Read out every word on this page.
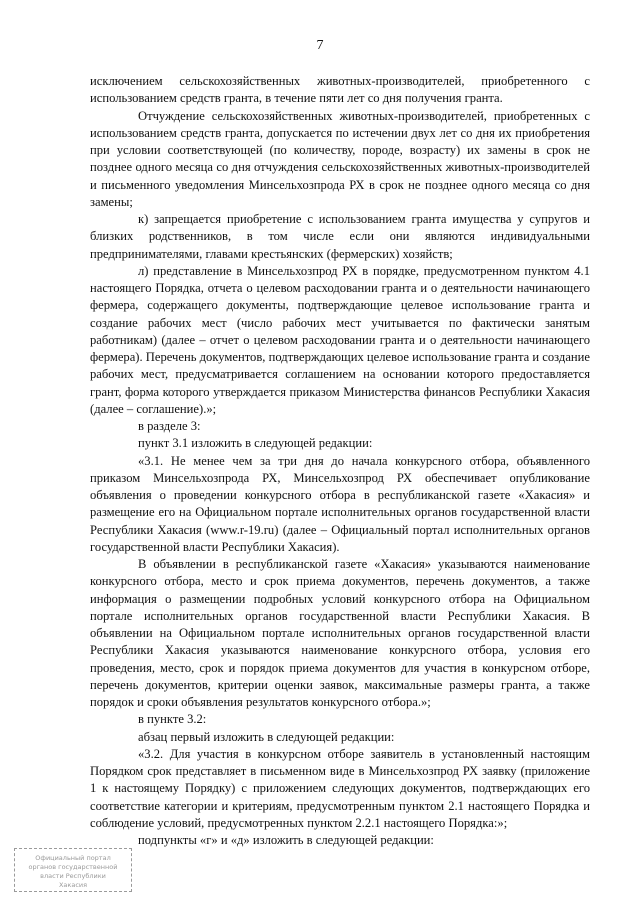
7

исключением сельскохозяйственных животных-производителей, приобретенного с использованием средств гранта, в течение пяти лет со дня получения гранта.

Отчуждение сельскохозяйственных животных-производителей, приобретенных с использованием средств гранта, допускается по истечении двух лет со дня их приобретения при условии соответствующей (по количеству, породе, возрасту) их замены в срок не позднее одного месяца со дня отчуждения сельскохозяйственных животных-производителей и письменного уведомления Минсельхозпрода РХ в срок не позднее одного месяца со дня замены;

к) запрещается приобретение с использованием гранта имущества у супругов и близких родственников, в том числе если они являются индивидуальными предпринимателями, главами крестьянских (фермерских) хозяйств;

л) представление в Минсельхозпрод РХ в порядке, предусмотренном пунктом 4.1 настоящего Порядка, отчета о целевом расходовании гранта и о деятельности начинающего фермера, содержащего документы, подтверждающие целевое использование гранта и создание рабочих мест (число рабочих мест учитывается по фактически занятым работникам) (далее – отчет о целевом расходовании гранта и о деятельности начинающего фермера). Перечень документов, подтверждающих целевое использование гранта и создание рабочих мест, предусматривается соглашением на основании которого предоставляется грант, форма которого утверждается приказом Министерства финансов Республики Хакасия (далее – соглашение).»;

в разделе 3:

пункт 3.1 изложить в следующей редакции:

«3.1. Не менее чем за три дня до начала конкурсного отбора, объявленного приказом Минсельхозпрода РХ, Минсельхозпрод РХ обеспечивает опубликование объявления о проведении конкурсного отбора в республиканской газете «Хакасия» и размещение его на Официальном портале исполнительных органов государственной власти Республики Хакасия (www.r-19.ru) (далее – Официальный портал исполнительных органов государственной власти Республики Хакасия).

В объявлении в республиканской газете «Хакасия» указываются наименование конкурсного отбора, место и срок приема документов, перечень документов, а также информация о размещении подробных условий конкурсного отбора на Официальном портале исполнительных органов государственной власти Республики Хакасия. В объявлении на Официальном портале исполнительных органов государственной власти Республики Хакасия указываются наименование конкурсного отбора, условия его проведения, место, срок и порядок приема документов для участия в конкурсном отборе, перечень документов, критерии оценки заявок, максимальные размеры гранта, а также порядок и сроки объявления результатов конкурсного отбора.»;

в пункте 3.2:

абзац первый изложить в следующей редакции:

«3.2. Для участия в конкурсном отборе заявитель в установленный настоящим Порядком срок представляет в письменном виде в Минсельхозпрод РХ заявку (приложение 1 к настоящему Порядку) с приложением следующих документов, подтверждающих его соответствие категории и критериям, предусмотренным пунктом 2.1 настоящего Порядка и соблюдение условий, предусмотренных пунктом 2.2.1 настоящего Порядка:»;

подпункты «г» и «д» изложить в следующей редакции:

Официальный портал
органов государственной
власти Республики
Хакасия
